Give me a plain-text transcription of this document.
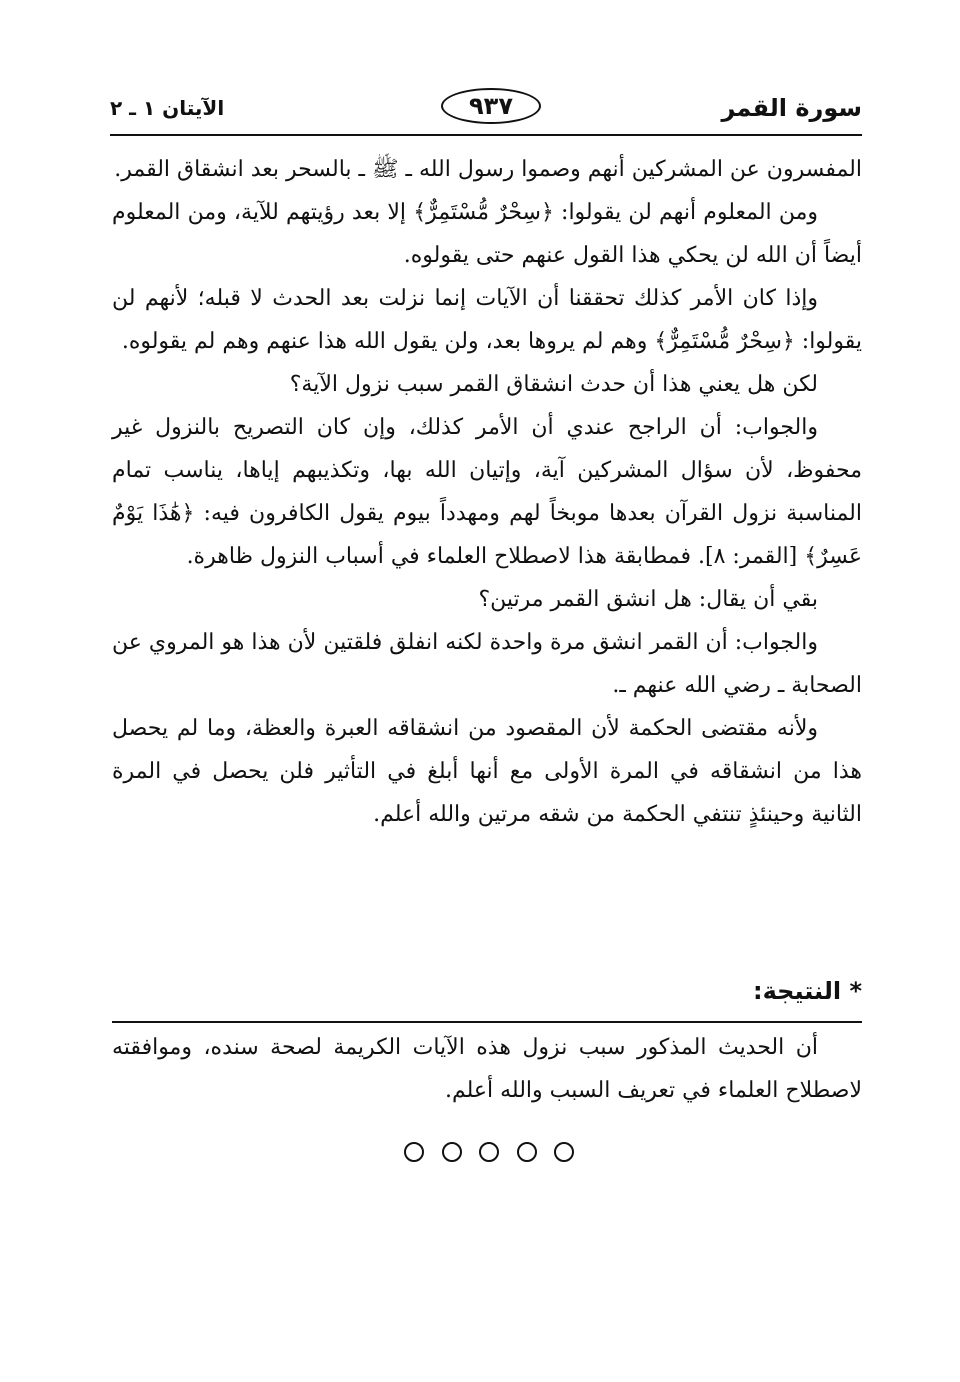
سورة القمر
٩٣٧
الآيتان ١ ـ ٢

المفسرون عن المشركين أنهم وصموا رسول الله ـ ﷺ ـ بالسحر بعد انشقاق القمر.

ومن المعلوم أنهم لن يقولوا: ﴿سِحْرٌ مُّسْتَمِرٌّ﴾ إلا بعد رؤيتهم للآية، ومن المعلوم أيضاً أن الله لن يحكي هذا القول عنهم حتى يقولوه.

وإذا كان الأمر كذلك تحققنا أن الآيات إنما نزلت بعد الحدث لا قبله؛ لأنهم لن يقولوا: ﴿سِحْرٌ مُّسْتَمِرٌّ﴾ وهم لم يروها بعد، ولن يقول الله هذا عنهم وهم لم يقولوه.

لكن هل يعني هذا أن حدث انشقاق القمر سبب نزول الآية؟

والجواب: أن الراجح عندي أن الأمر كذلك، وإن كان التصريح بالنزول غير محفوظ، لأن سؤال المشركين آية، وإتيان الله بها، وتكذيبهم إياها، يناسب تمام المناسبة نزول القرآن بعدها موبخاً لهم ومهدداً بيوم يقول الكافرون فيه: ﴿هَٰذَا يَوْمٌ عَسِرٌ﴾ [القمر: ٨]. فمطابقة هذا لاصطلاح العلماء في أسباب النزول ظاهرة.

بقي أن يقال: هل انشق القمر مرتين؟

والجواب: أن القمر انشق مرة واحدة لكنه انفلق فلقتين لأن هذا هو المروي عن الصحابة ـ رضي الله عنهم ـ.

ولأنه مقتضى الحكمة لأن المقصود من انشقاقه العبرة والعظة، وما لم يحصل هذا من انشقاقه في المرة الأولى مع أنها أبلغ في التأثير فلن يحصل في المرة الثانية وحينئذٍ تنتفي الحكمة من شقه مرتين والله أعلم.

* النتيجة:

أن الحديث المذكور سبب نزول هذه الآيات الكريمة لصحة سنده، وموافقته لاصطلاح العلماء في تعريف السبب والله أعلم.
